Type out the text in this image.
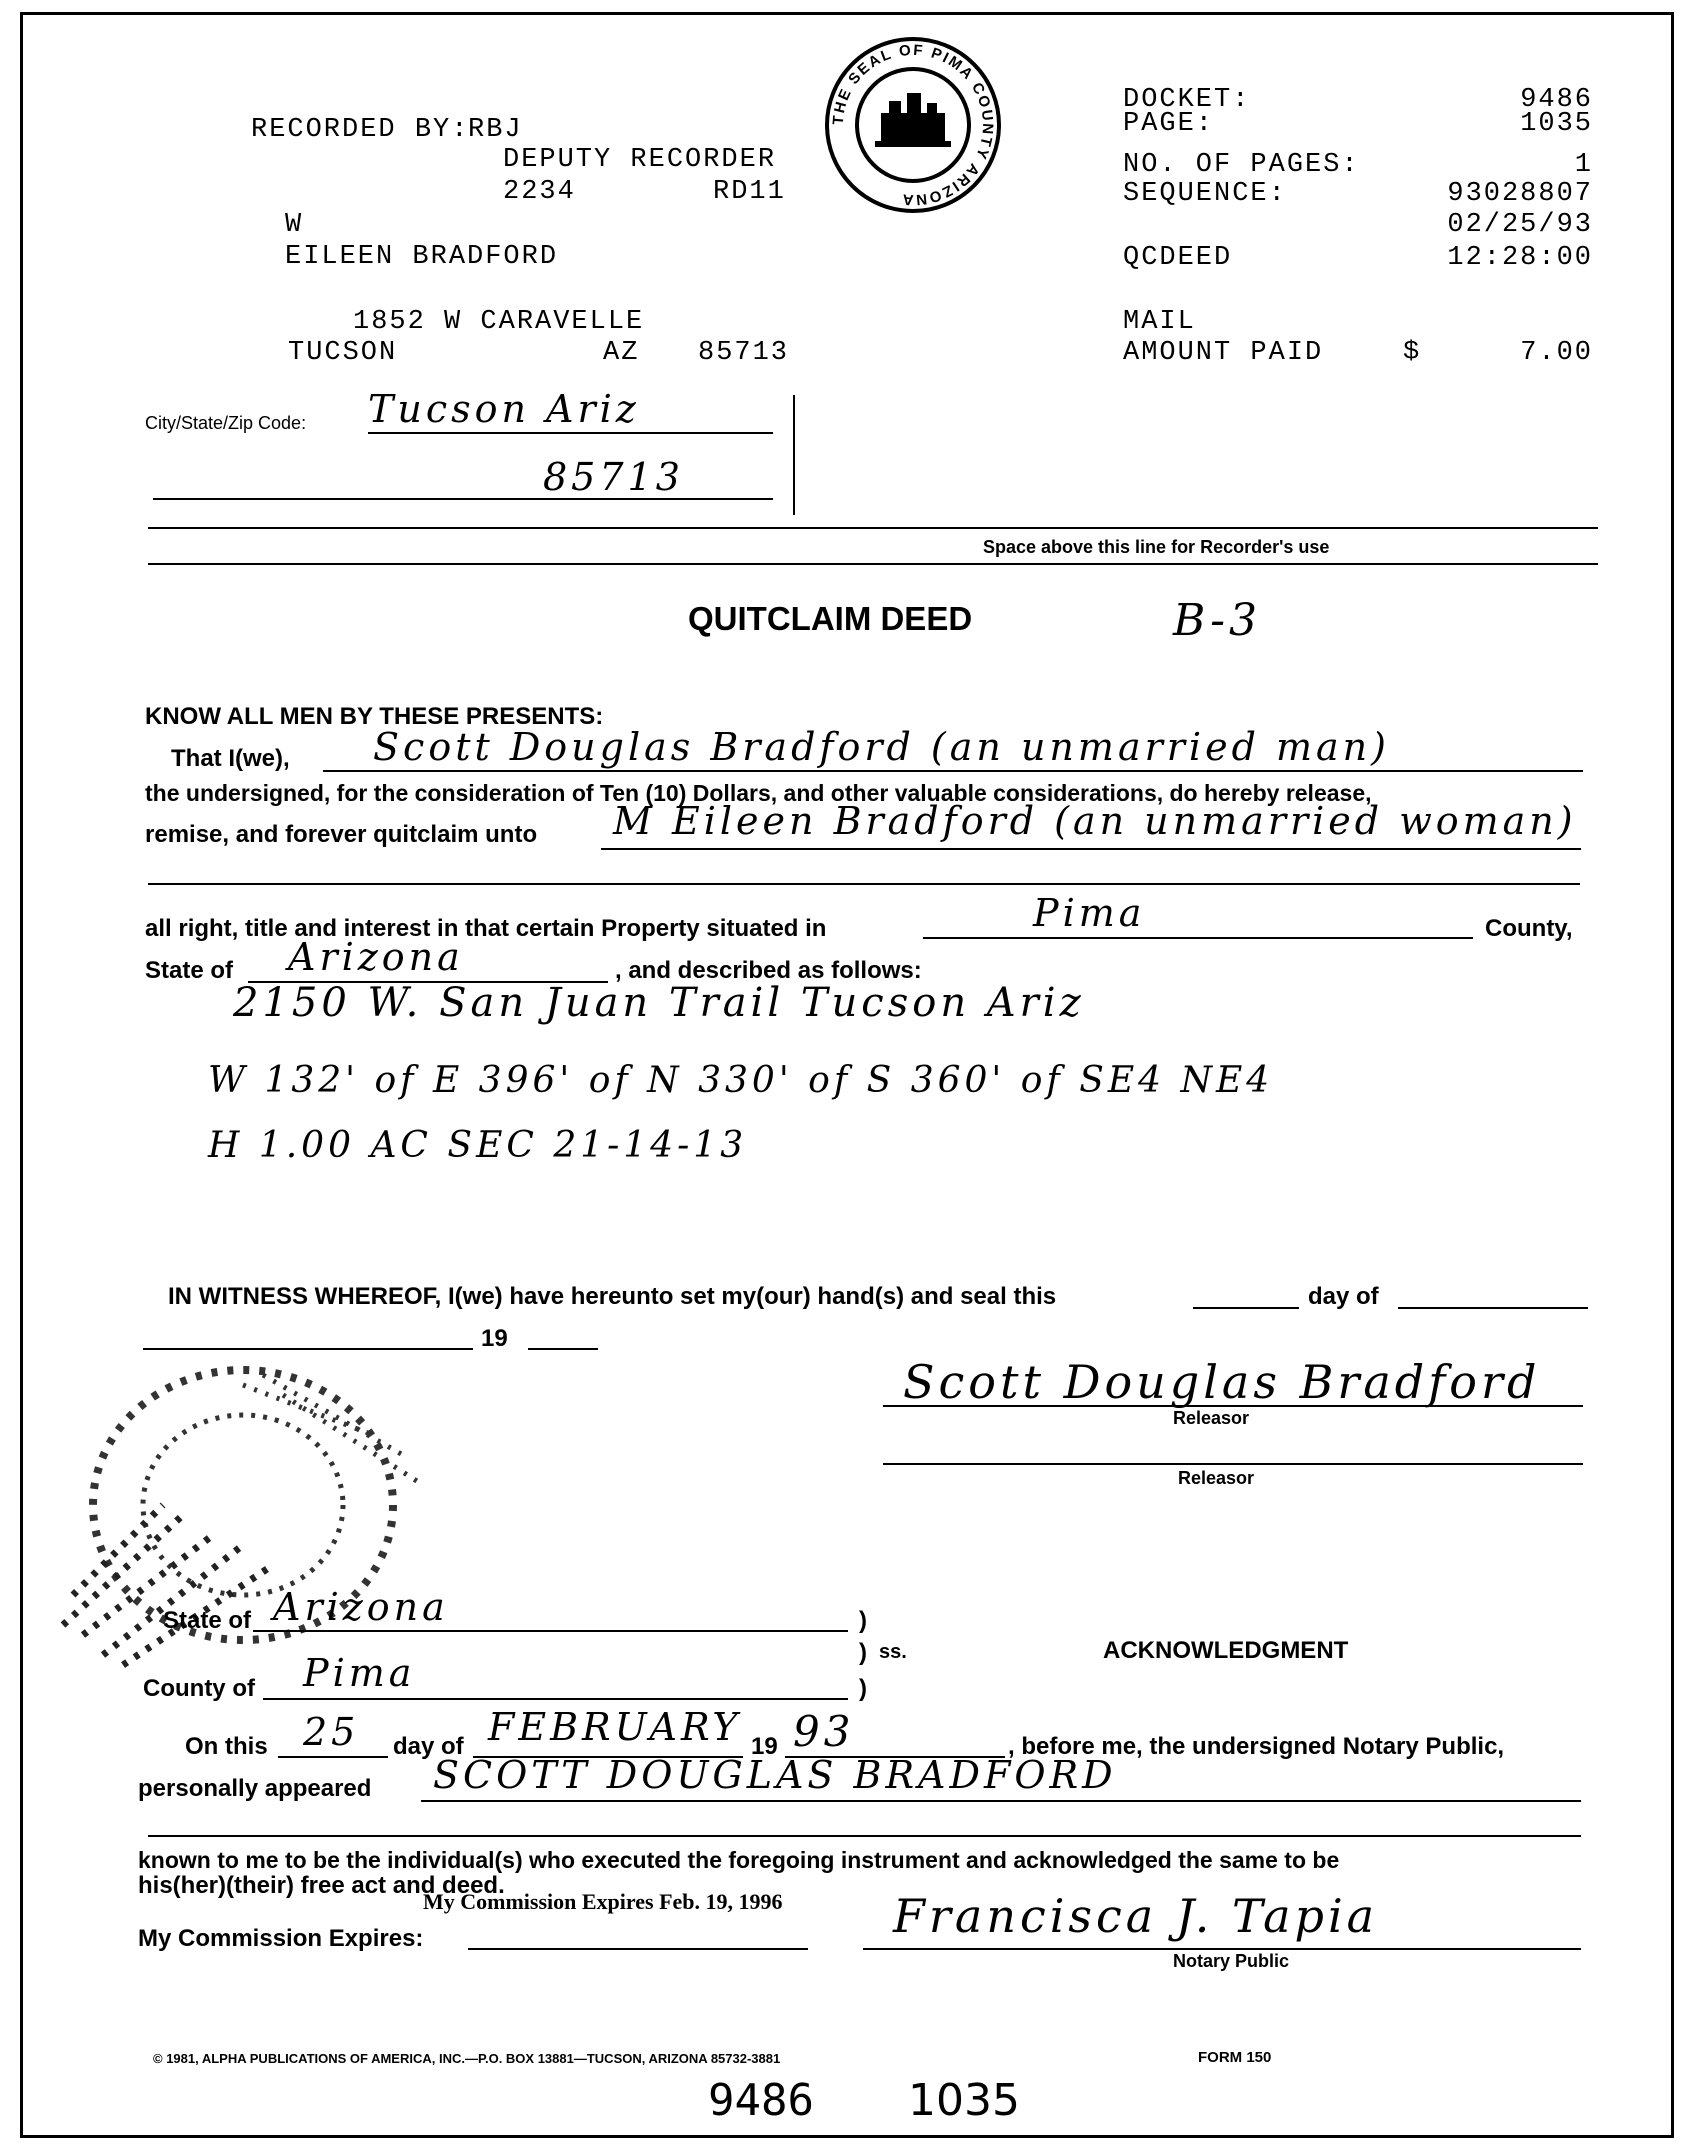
RECORDED BY:
RBJ
DEPUTY RECORDER
2234	RD11
W
EILEEN BRADFORD
1852 W CARAVELLE
TUCSON	AZ 85713
City/State/Zip Code: Tucson Ariz
85713
THE SEAL OF PIMA COUNTY ARIZONA
DOCKET:	9486
PAGE:	1035
NO. OF PAGES:	1
SEQUENCE:	93028807
02/25/93
QCDEED	12:28:00
MAIL
AMOUNT PAID	$	7.00
Space above this line for Recorder's use
QUITCLAIM DEED	B-3
KNOW ALL MEN BY THESE PRESENTS:
That I(we), Scott Douglas Bradford (an unmarried man)
the undersigned, for the consideration of Ten (10) Dollars, and other valuable considerations, do hereby release,
remise, and forever quitclaim unto M Eileen Bradford (an unmarried woman)
all right, title and interest in that certain Property situated in	Pima	County,
State of Arizona	, and described as follows:
2150 W. San Juan Trail Tucson Ariz
W 132' of E 396' of N 330' of S 360' of SE4 NE4
H 1.00 AC SEC 21-14-13
IN WITNESS WHEREOF, I(we) have hereunto set my(our) hand(s) and seal this	day of
19
Scott Douglas Bradford
Releasor
Releasor
State of Arizona	)
) ss.	ACKNOWLEDGMENT
County of Pima	)
On this 25 day of FEBRUARY 19 93	, before me, the undersigned Notary Public,
personally appeared SCOTT DOUGLAS BRADFORD
known to me to be the individual(s) who executed the foregoing instrument and acknowledged the same to be
his(her)(their) free act and deed.
My Commission Expires Feb. 19, 1996
My Commission Expires:	Francisca J. Tapia
Notary Public
© 1981, ALPHA PUBLICATIONS OF AMERICA, INC.—P.O. BOX 13881—TUCSON, ARIZONA 85732-3881	FORM 150
9486 1035
